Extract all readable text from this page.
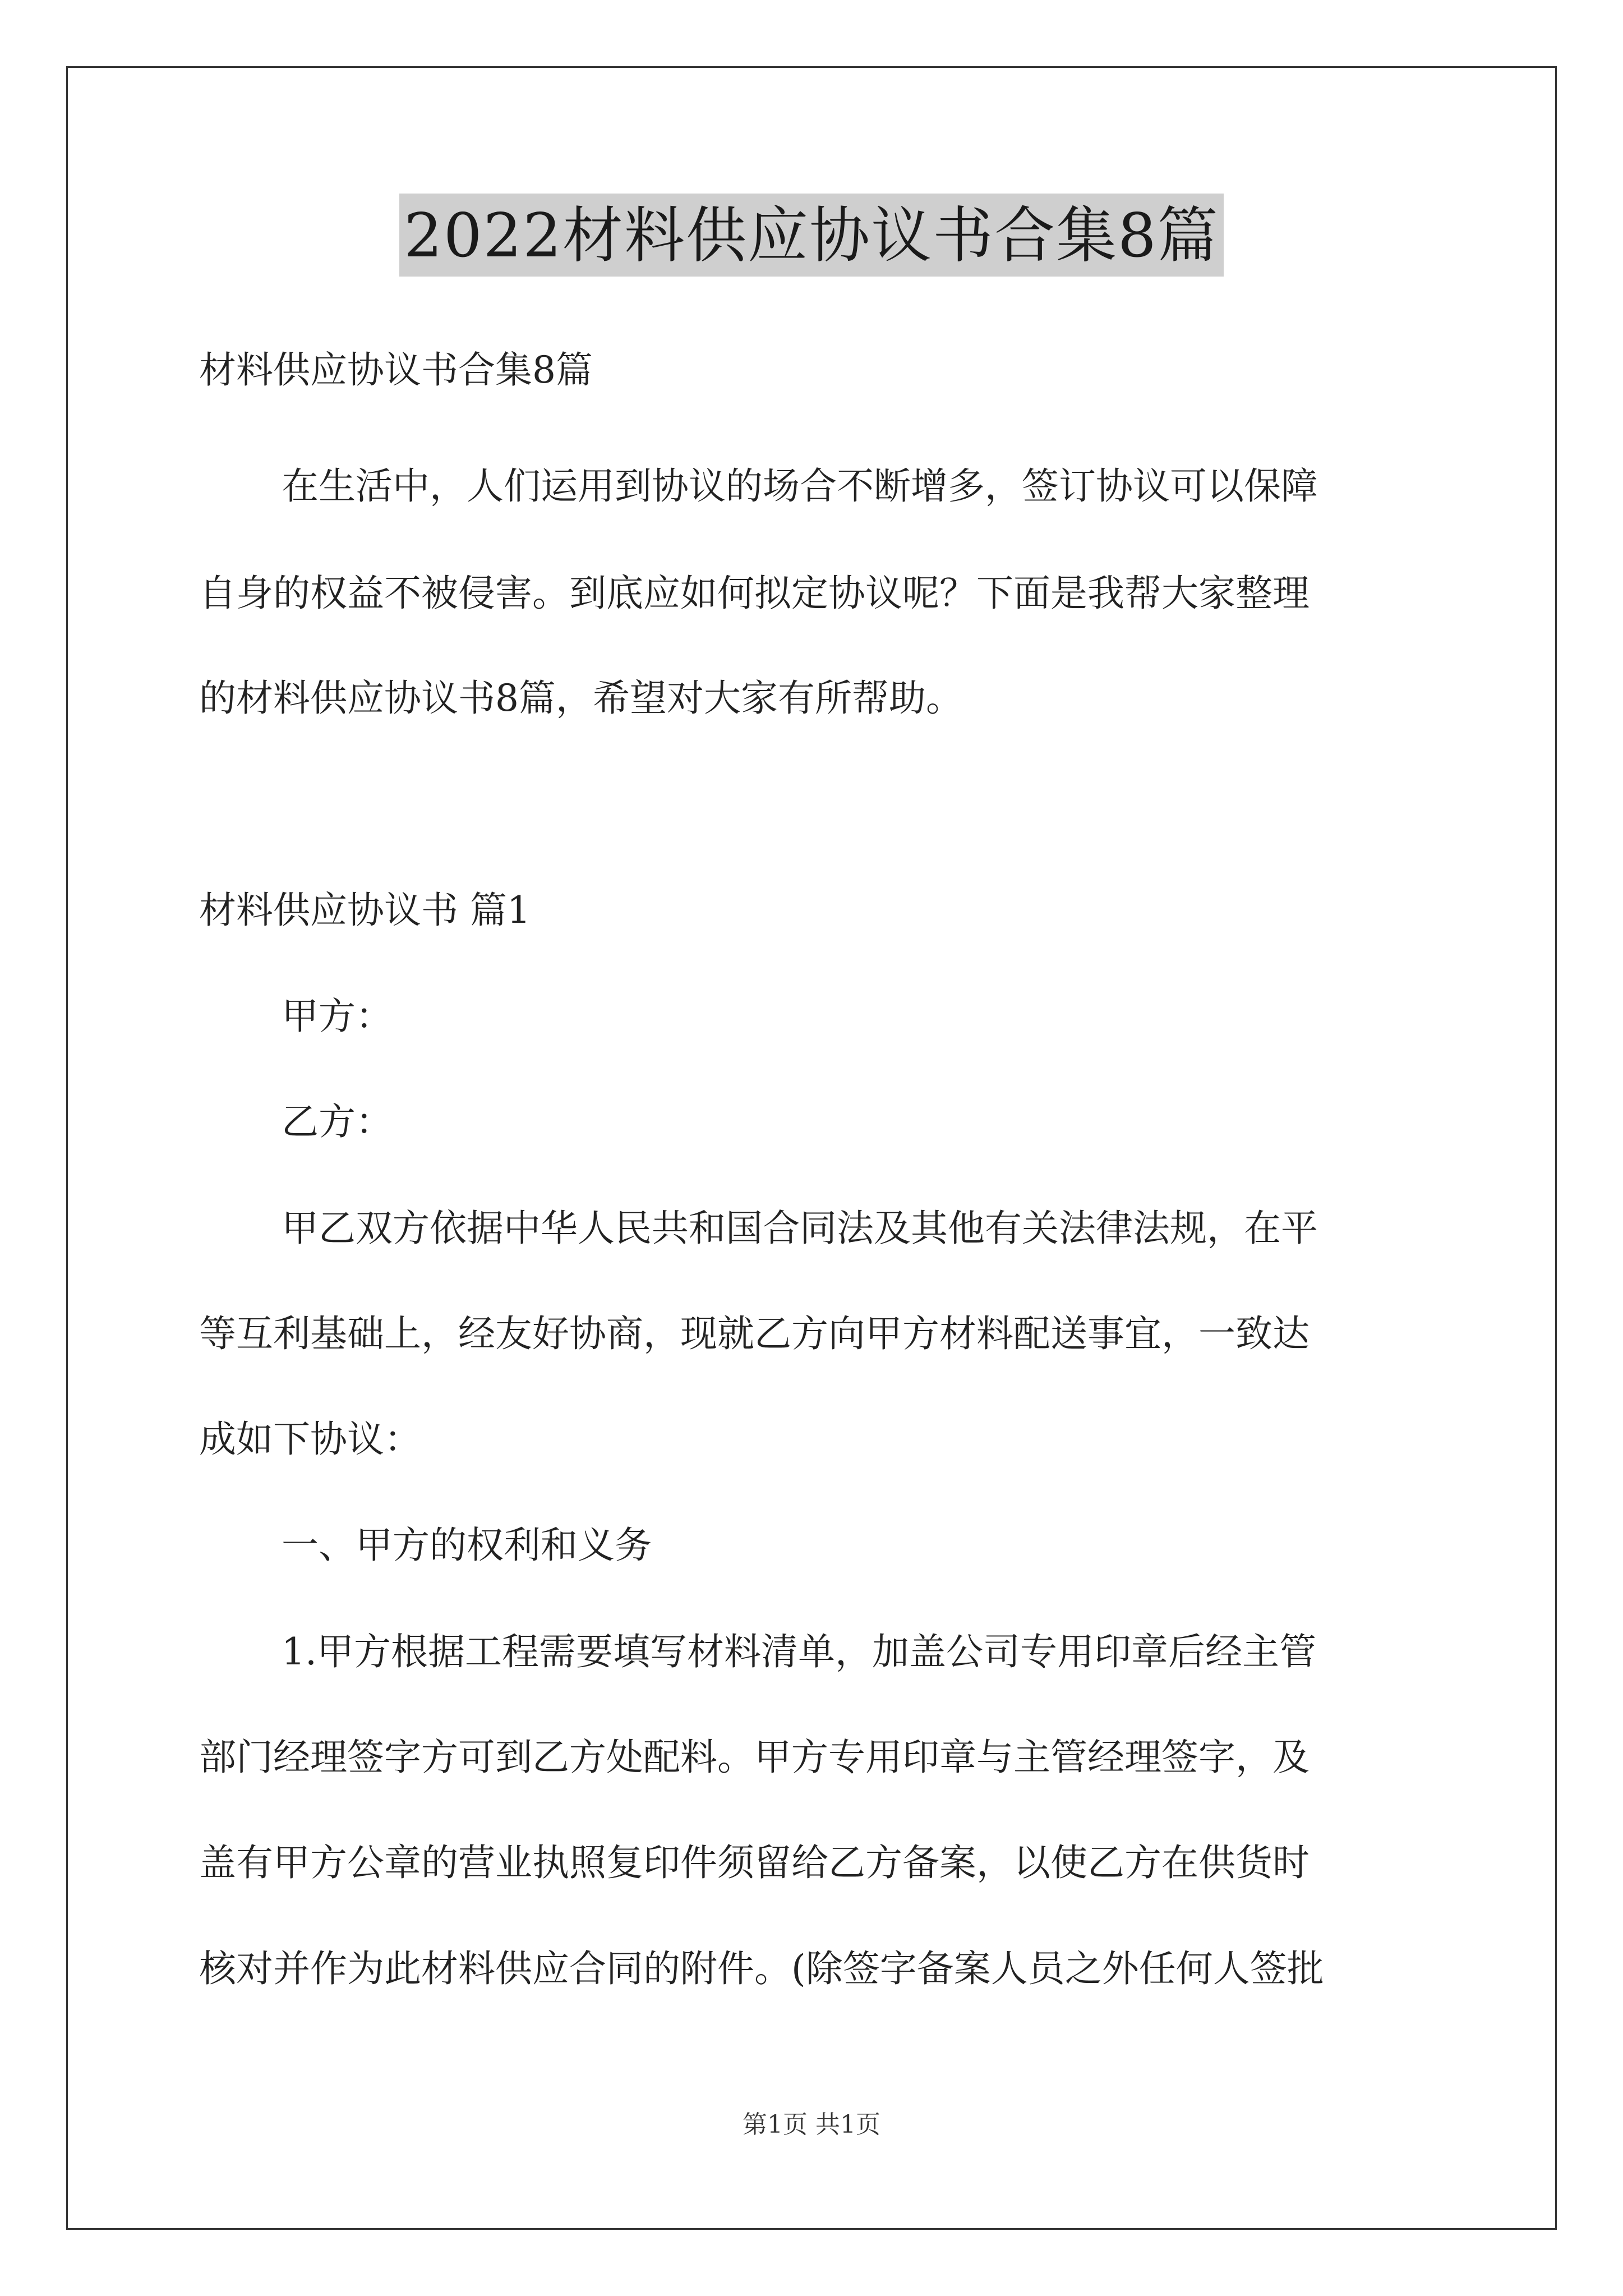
2022材料供应协议书合集8篇
材料供应协议书合集8篇
在生活中，人们运用到协议的场合不断增多，签订协议可以保障
自身的权益不被侵害。到底应如何拟定协议呢？下面是我帮大家整理
的材料供应协议书8篇，希望对大家有所帮助。
材料供应协议书 篇1
甲方：
乙方：
甲乙双方依据中华人民共和国合同法及其他有关法律法规，在平
等互利基础上，经友好协商，现就乙方向甲方材料配送事宜，一致达
成如下协议：
一、甲方的权利和义务
1.甲方根据工程需要填写材料清单，加盖公司专用印章后经主管
部门经理签字方可到乙方处配料。甲方专用印章与主管经理签字，及
盖有甲方公章的营业执照复印件须留给乙方备案，以使乙方在供货时
核对并作为此材料供应合同的附件。(除签字备案人员之外任何人签批
第1页 共1页
